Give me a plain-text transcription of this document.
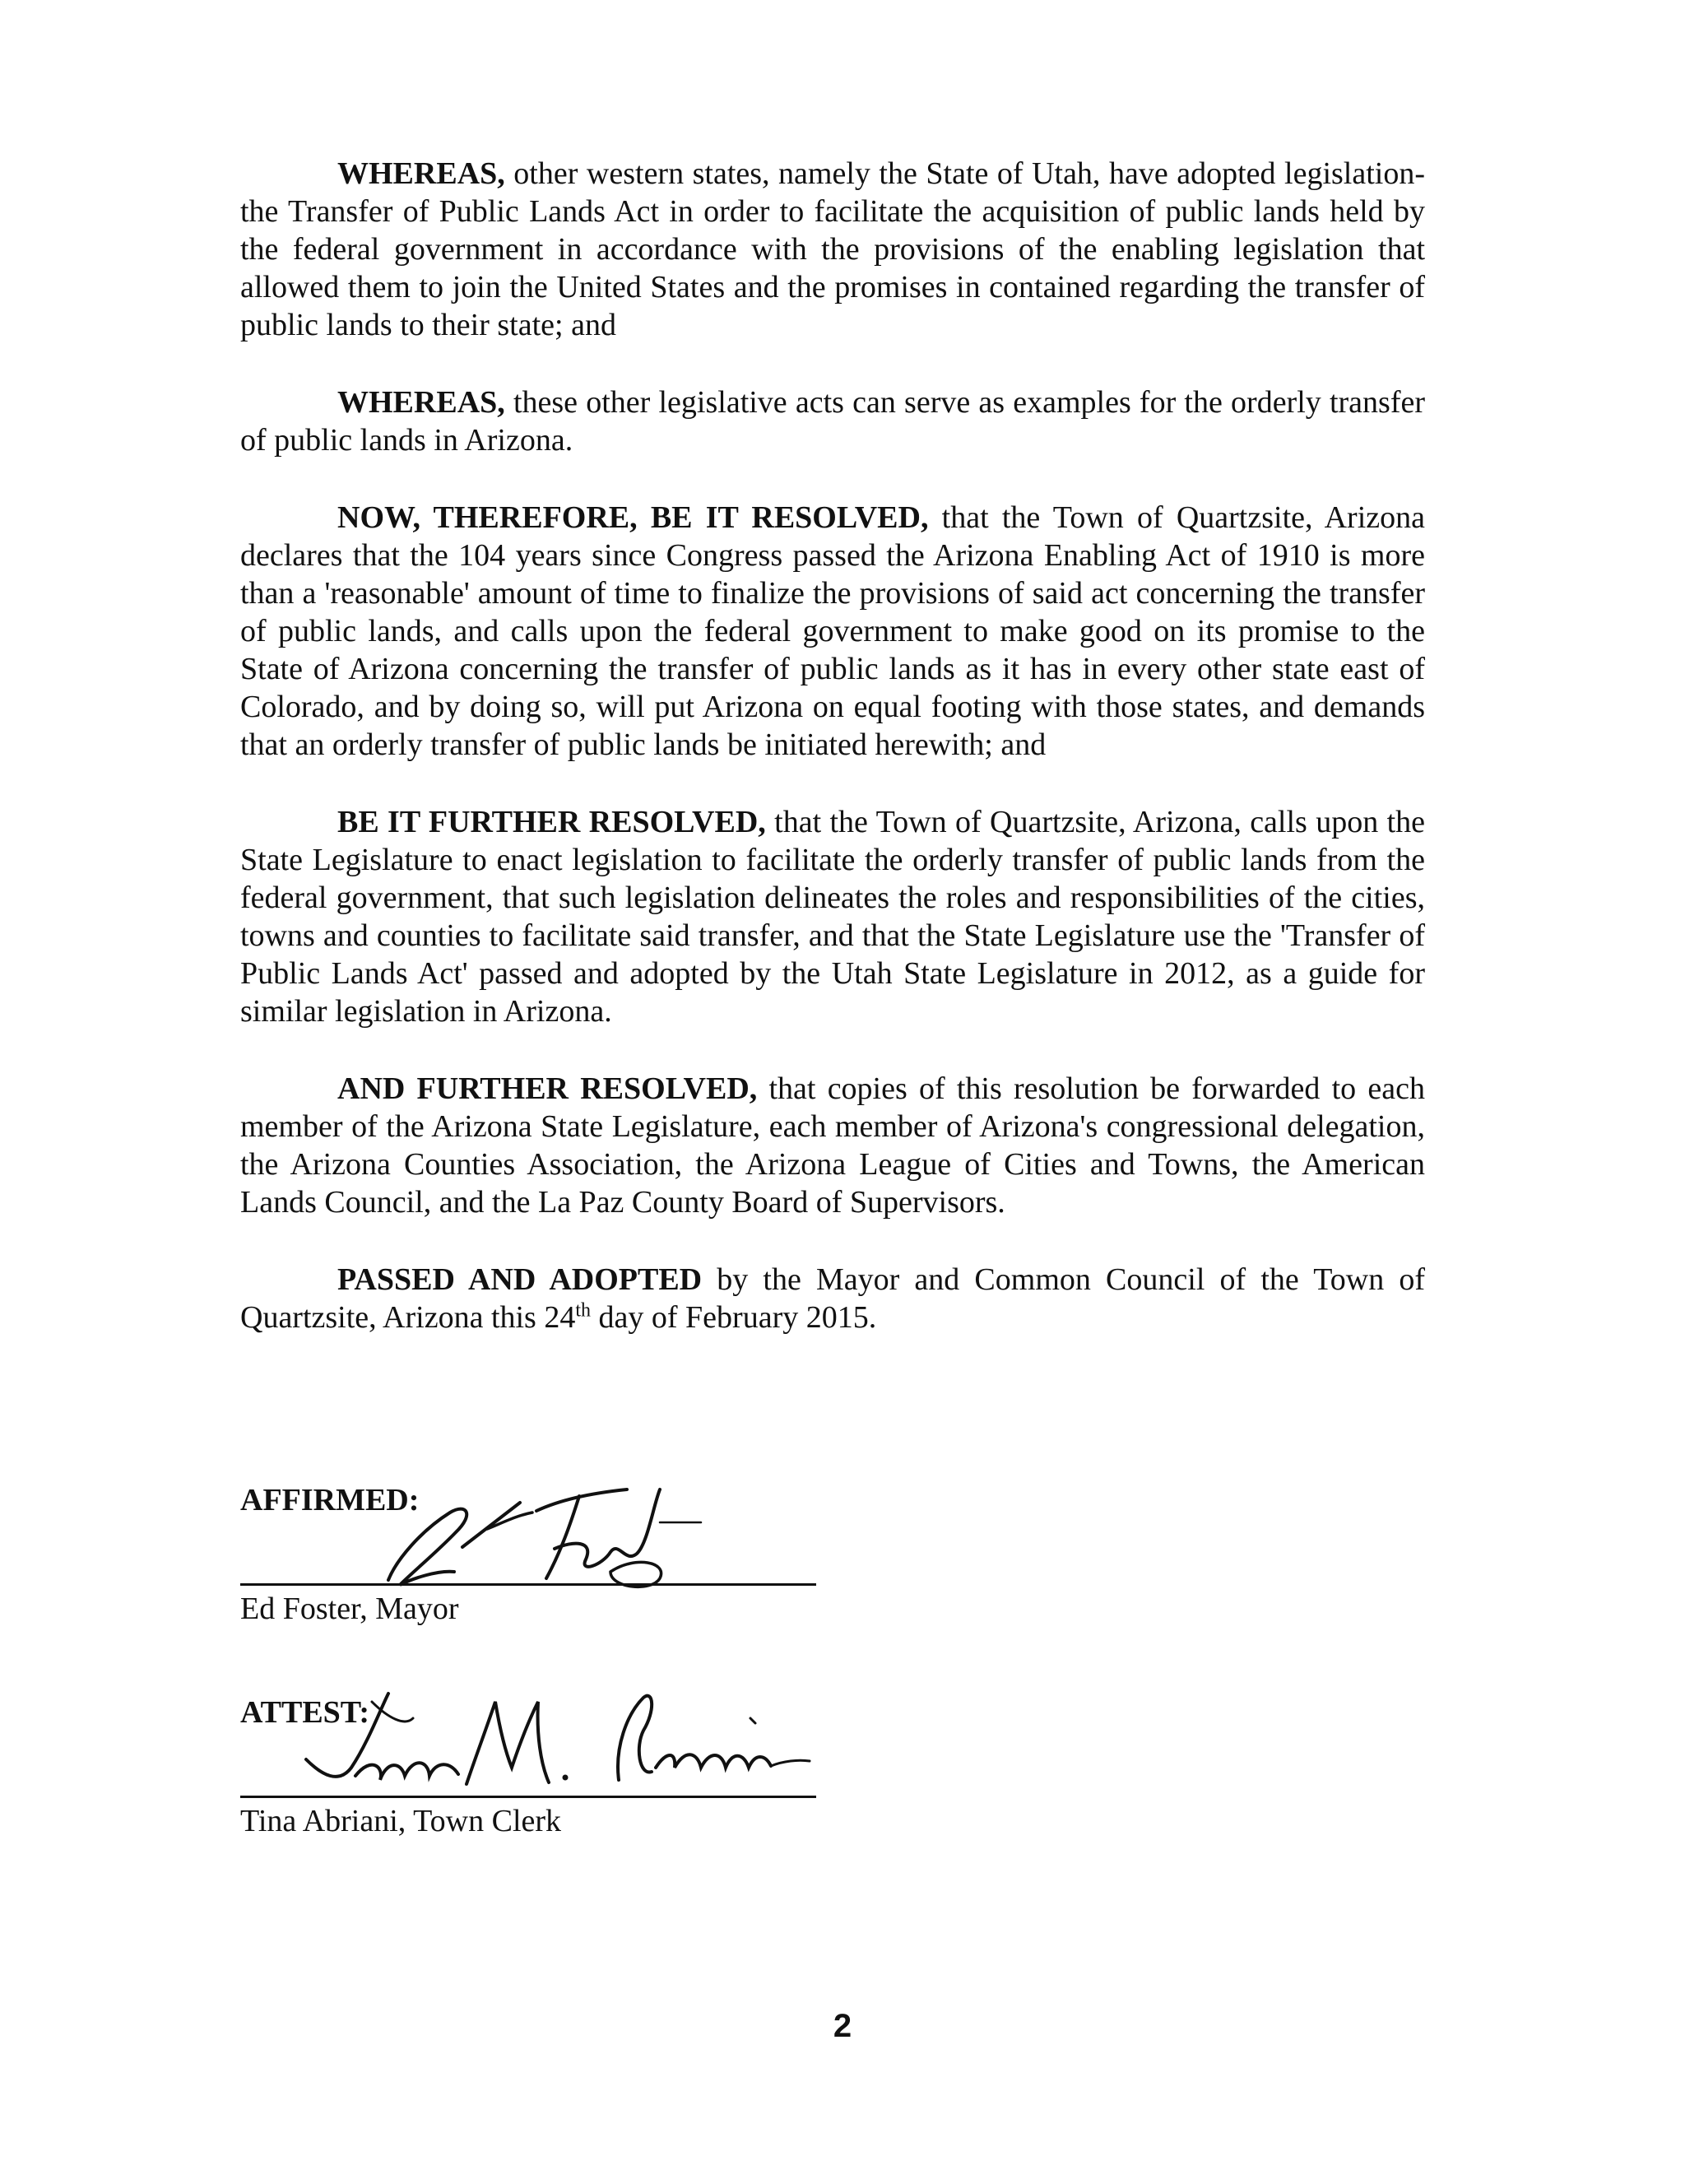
WHEREAS, other western states, namely the State of Utah, have adopted legislation-the Transfer of Public Lands Act in order to facilitate the acquisition of public lands held by the federal government in accordance with the provisions of the enabling legislation that allowed them to join the United States and the promises in contained regarding the transfer of public lands to their state; and

WHEREAS, these other legislative acts can serve as examples for the orderly transfer of public lands in Arizona.

NOW, THEREFORE, BE IT RESOLVED, that the Town of Quartzsite, Arizona declares that the 104 years since Congress passed the Arizona Enabling Act of 1910 is more than a 'reasonable' amount of time to finalize the provisions of said act concerning the transfer of public lands, and calls upon the federal government to make good on its promise to the State of Arizona concerning the transfer of public lands as it has in every other state east of Colorado, and by doing so, will put Arizona on equal footing with those states, and demands that an orderly transfer of public lands be initiated herewith; and

BE IT FURTHER RESOLVED, that the Town of Quartzsite, Arizona, calls upon the State Legislature to enact legislation to facilitate the orderly transfer of public lands from the federal government, that such legislation delineates the roles and responsibilities of the cities, towns and counties to facilitate said transfer, and that the State Legislature use the 'Transfer of Public Lands Act' passed and adopted by the Utah State Legislature in 2012, as a guide for similar legislation in Arizona.

AND FURTHER RESOLVED, that copies of this resolution be forwarded to each member of the Arizona State Legislature, each member of Arizona's congressional delegation, the Arizona Counties Association, the Arizona League of Cities and Towns, the American Lands Council, and the La Paz County Board of Supervisors.

PASSED AND ADOPTED by the Mayor and Common Council of the Town of Quartzsite, Arizona this 24th day of February 2015.

AFFIRMED:
Ed Foster, Mayor
ATTEST:
Tina Abriani, Town Clerk
2
